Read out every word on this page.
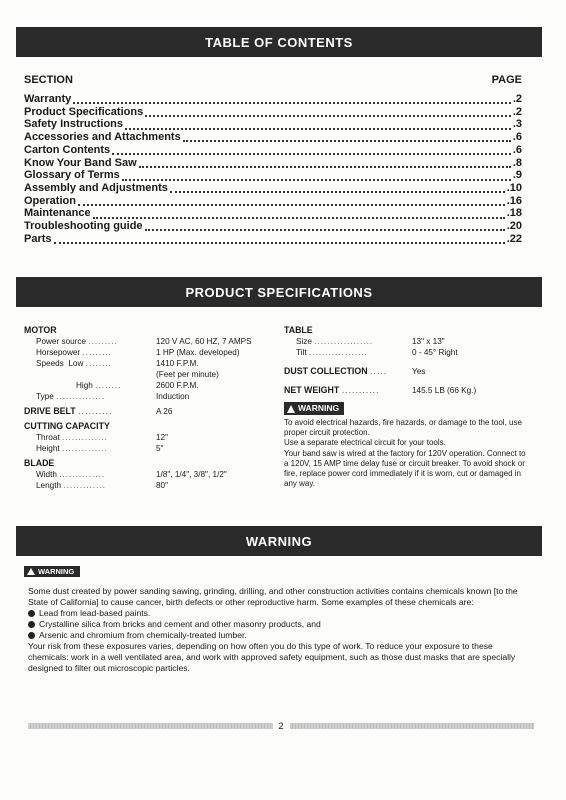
TABLE OF CONTENTS
SECTION	PAGE
Warranty	.2
Product Specifications	.2
Safety Instructions	.3
Accessories and Attachments	.6
Carton Contents	.6
Know Your Band Saw	.8
Glossary of Terms	.9
Assembly and Adjustments	.10
Operation	.16
Maintenance	.18
Troubleshooting guide	.20
Parts	.22
PRODUCT SPECIFICATIONS
MOTOR
Power source .........	120 V AC, 60 HZ, 7 AMPS
Horsepower .........	1 HP (Max. developed)
Speeds Low ........	1410 F.P.M.
(Feet per minute)
High ........	2600 F.P.M.
Type ...............	Induction
DRIVE BELT ..........	A 26
CUTTING CAPACITY
Throat ..............	12"
Height ..............	5"
BLADE
Width ..............	1/8", 1/4", 3/8", 1/2"
Length .............	80"
TABLE
Size ..................	13" x 13"
Tilt ..................	0 - 45° Right
DUST COLLECTION .....	Yes
NET WEIGHT ...........	145.5 LB (66 Kg.)
WARNING
To avoid electrical hazards, fire hazards, or damage to the tool, use proper circuit protection.
Use a separate electrical circuit for your tools.
Your band saw is wired at the factory for 120V operation. Connect to a 120V, 15 AMP time delay fuse or circuit breaker. To avoid shock or fire, replace power cord immediately if it is worn, cut or damaged in any way.
WARNING
WARNING
Some dust created by power sanding sawing, grinding, drilling, and other construction activities contains chemicals known [to the State of California] to cause cancer, birth defects or other reproductive harm. Some examples of these chemicals are:
Lead from lead-based paints.
Crystalline silica from bricks and cement and other masonry products, and
Arsenic and chromium from chemically-treated lumber.
Your risk from these exposures varies, depending on how often you do this type of work. To reduce your exposure to these chemicals: work in a well ventilated area, and work with approved safety equipment, such as those dust masks that are specially designed to filter out microscopic particles.
2
